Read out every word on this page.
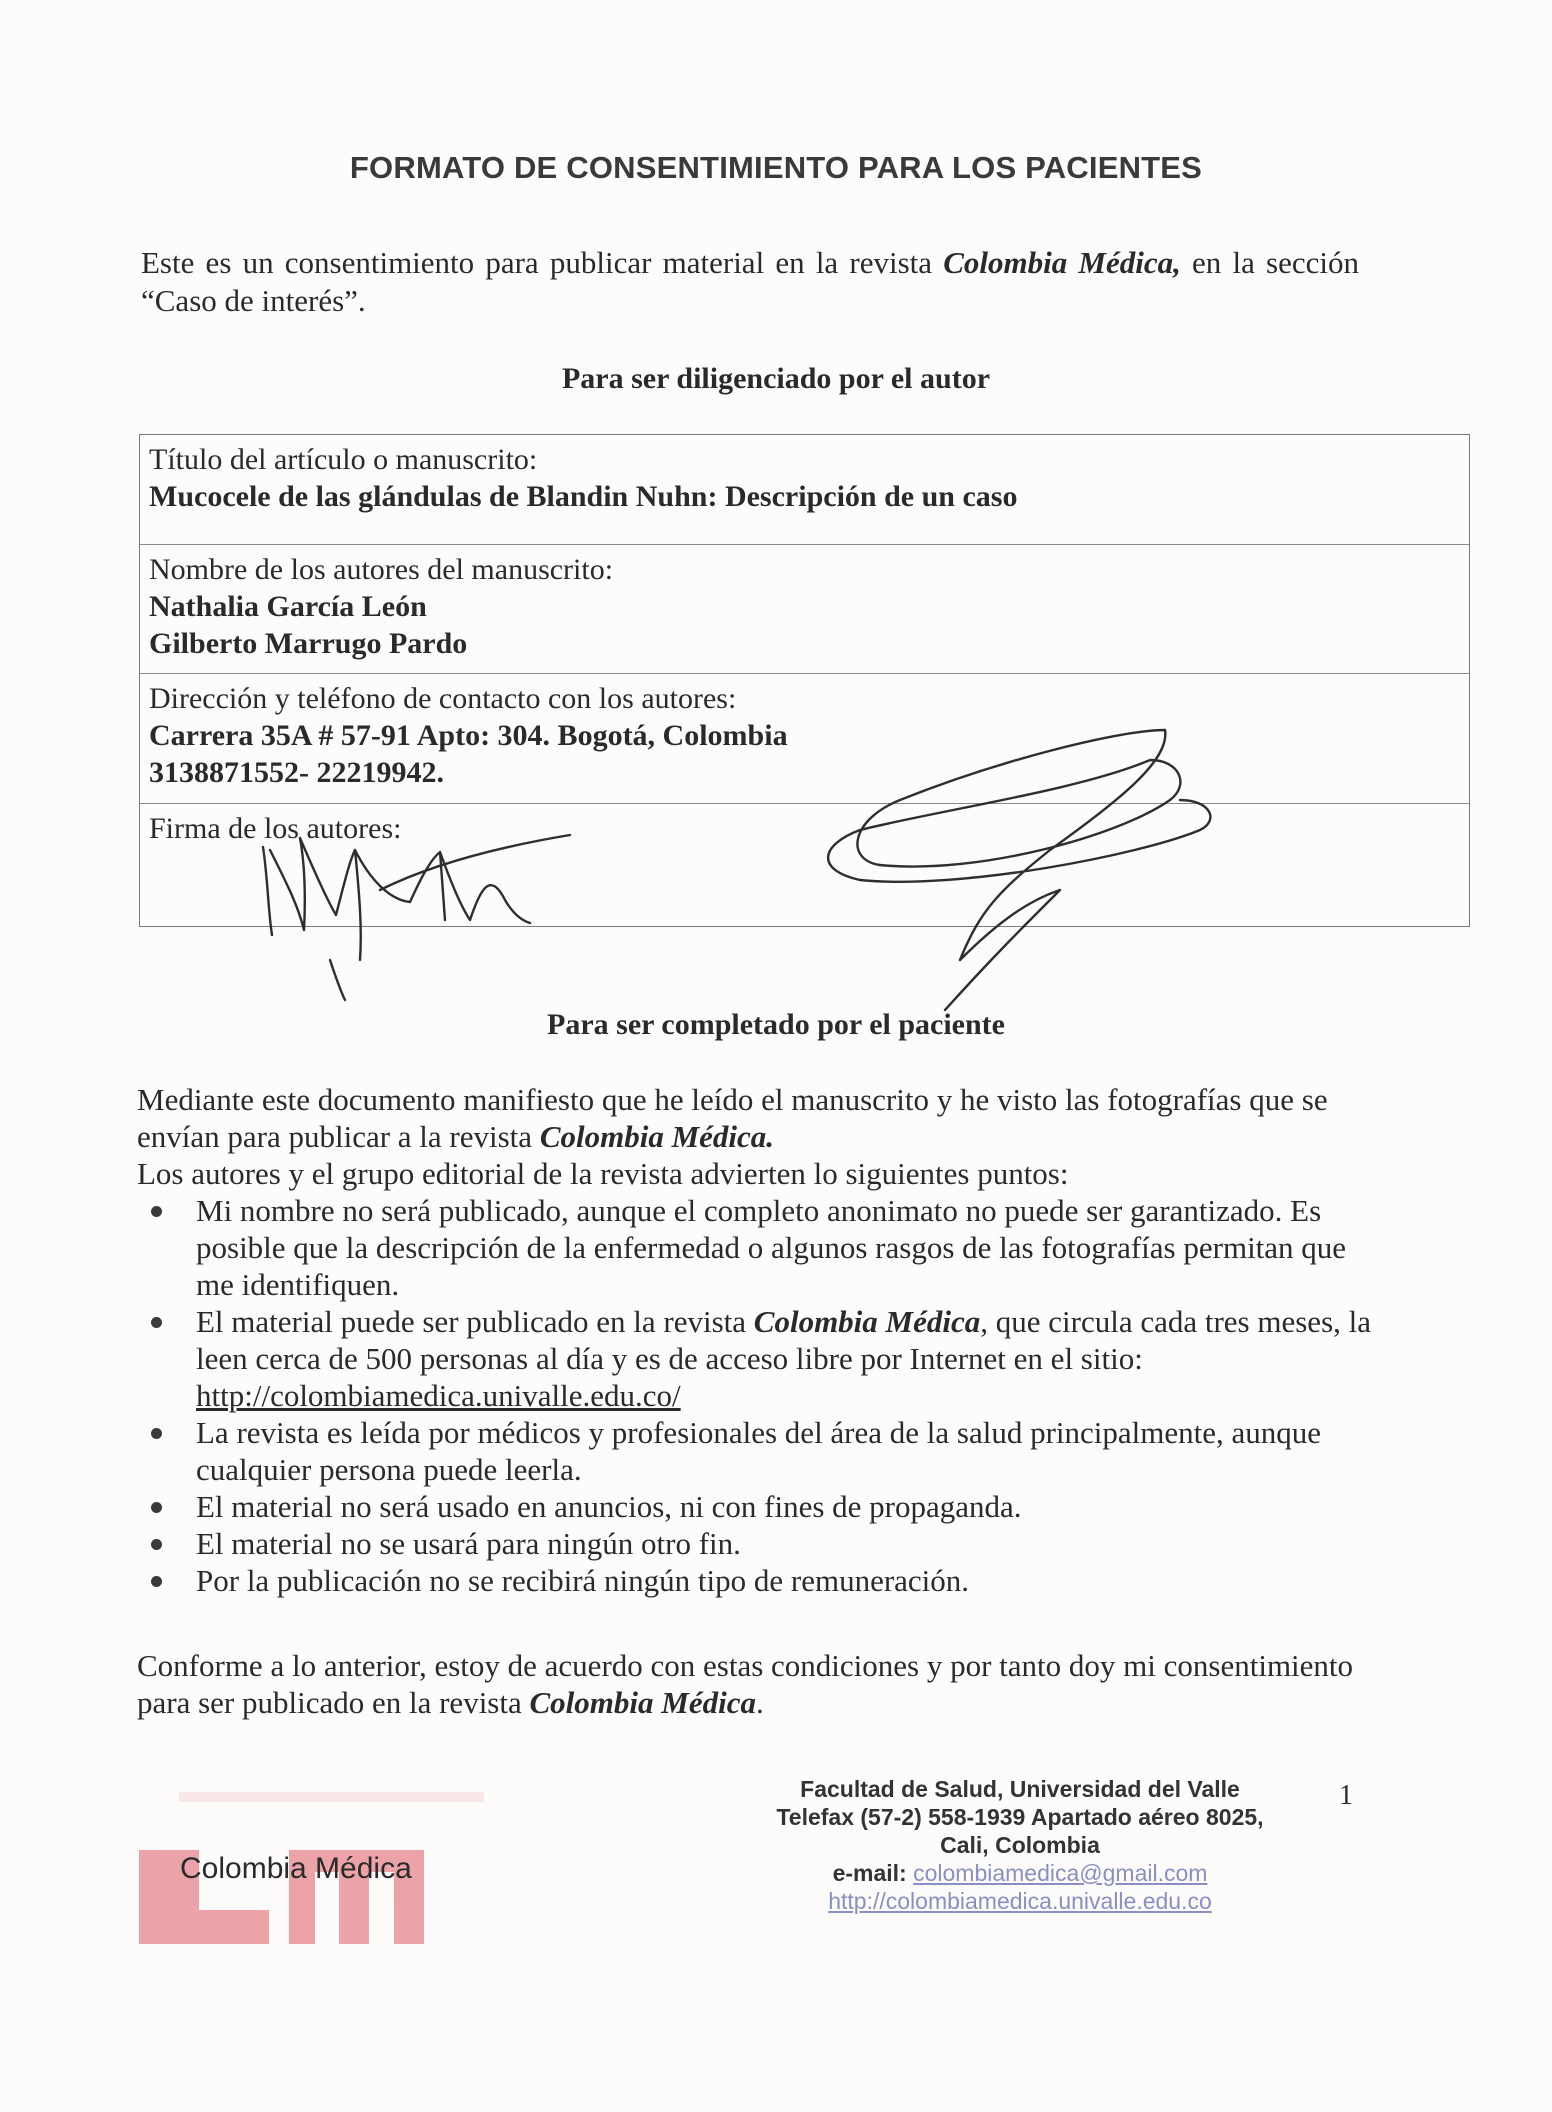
FORMATO DE CONSENTIMIENTO PARA LOS PACIENTES
Este es un consentimiento para publicar material en la revista Colombia Médica, en la sección “Caso de interés”.
Para ser diligenciado por el autor
Título del artículo o manuscrito:
Mucocele de las glándulas de Blandin Nuhn: Descripción de un caso
Nombre de los autores del manuscrito:
Nathalia García León
Gilberto Marrugo Pardo
Dirección y teléfono de contacto con los autores:
Carrera 35A # 57-91 Apto: 304. Bogotá, Colombia
3138871552- 22219942.
Firma de los autores:
Para ser completado por el paciente
Mediante este documento manifiesto que he leído el manuscrito y he visto las fotografías que se envían para publicar a la revista Colombia Médica.
Los autores y el grupo editorial de la revista advierten lo siguientes puntos:
Mi nombre no será publicado, aunque el completo anonimato no puede ser garantizado. Es posible que la descripción de la enfermedad o algunos rasgos de las fotografías permitan que me identifiquen.
El material puede ser publicado en la revista Colombia Médica, que circula cada tres meses, la leen cerca de 500 personas al día y es de acceso libre por Internet en el sitio: http://colombiamedica.univalle.edu.co/
La revista es leída por médicos y profesionales del área de la salud principalmente, aunque cualquier persona puede leerla.
El material no será usado en anuncios, ni con fines de propaganda.
El material no se usará para ningún otro fin.
Por la publicación no se recibirá ningún tipo de remuneración.
Conforme a lo anterior, estoy de acuerdo con estas condiciones y por tanto doy mi consentimiento para ser publicado en la revista Colombia Médica.
Colombia Médica
Facultad de Salud, Universidad del Valle
Telefax (57-2) 558-1939 Apartado aéreo 8025,
Cali, Colombia
e-mail: colombiamedica@gmail.com
http://colombiamedica.univalle.edu.co
1
